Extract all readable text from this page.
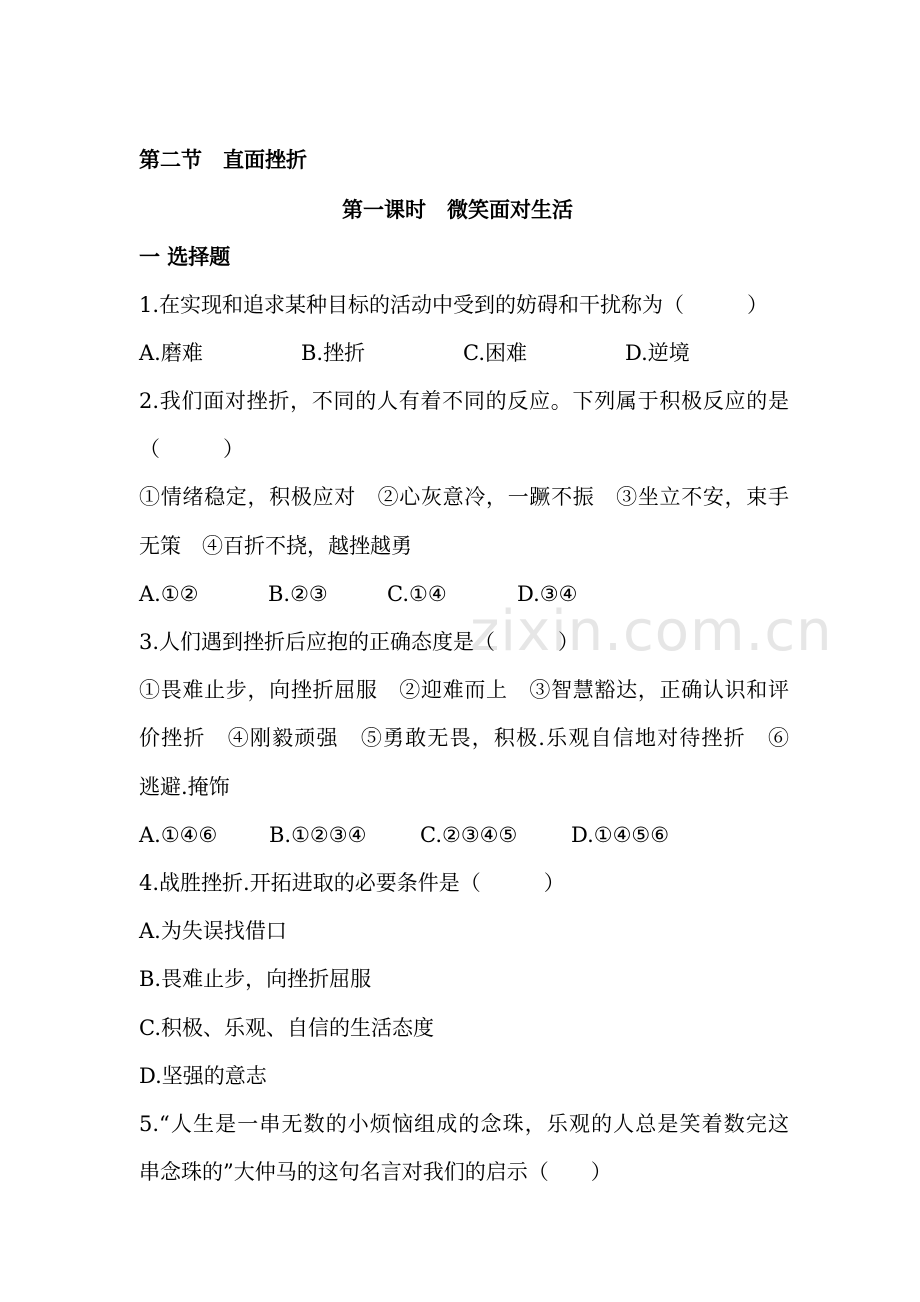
zixin.com.cn
第二节　直面挫折
第一课时　微笑面对生活
一 选择题
1.在实现和追求某种目标的活动中受到的妨碍和干扰称为（　　　）
A.磨难	B.挫折	C.困难	D.逆境
2.我们面对挫折，不同的人有着不同的反应。下列属于积极反应的是
（　　　）
①情绪稳定，积极应对　②心灰意冷，一蹶不振　③坐立不安，束手
无策　④百折不挠，越挫越勇
A.①②	B.②③	C.①④	D.③④
3.人们遇到挫折后应抱的正确态度是（　　　）
①畏难止步，向挫折屈服　②迎难而上　③智慧豁达，正确认识和评
价挫折　④刚毅顽强　⑤勇敢无畏，积极.乐观自信地对待挫折　⑥
逃避.掩饰
A.①④⑥ B.①②③④	C.②③④⑤	D.①④⑤⑥
4.战胜挫折.开拓进取的必要条件是（　　　）
A.为失误找借口
B.畏难止步，向挫折屈服
C.积极、乐观、自信的生活态度
D.坚强的意志
5.“人生是一串无数的小烦恼组成的念珠，乐观的人总是笑着数完这
串念珠的”大仲马的这句名言对我们的启示（　　）
